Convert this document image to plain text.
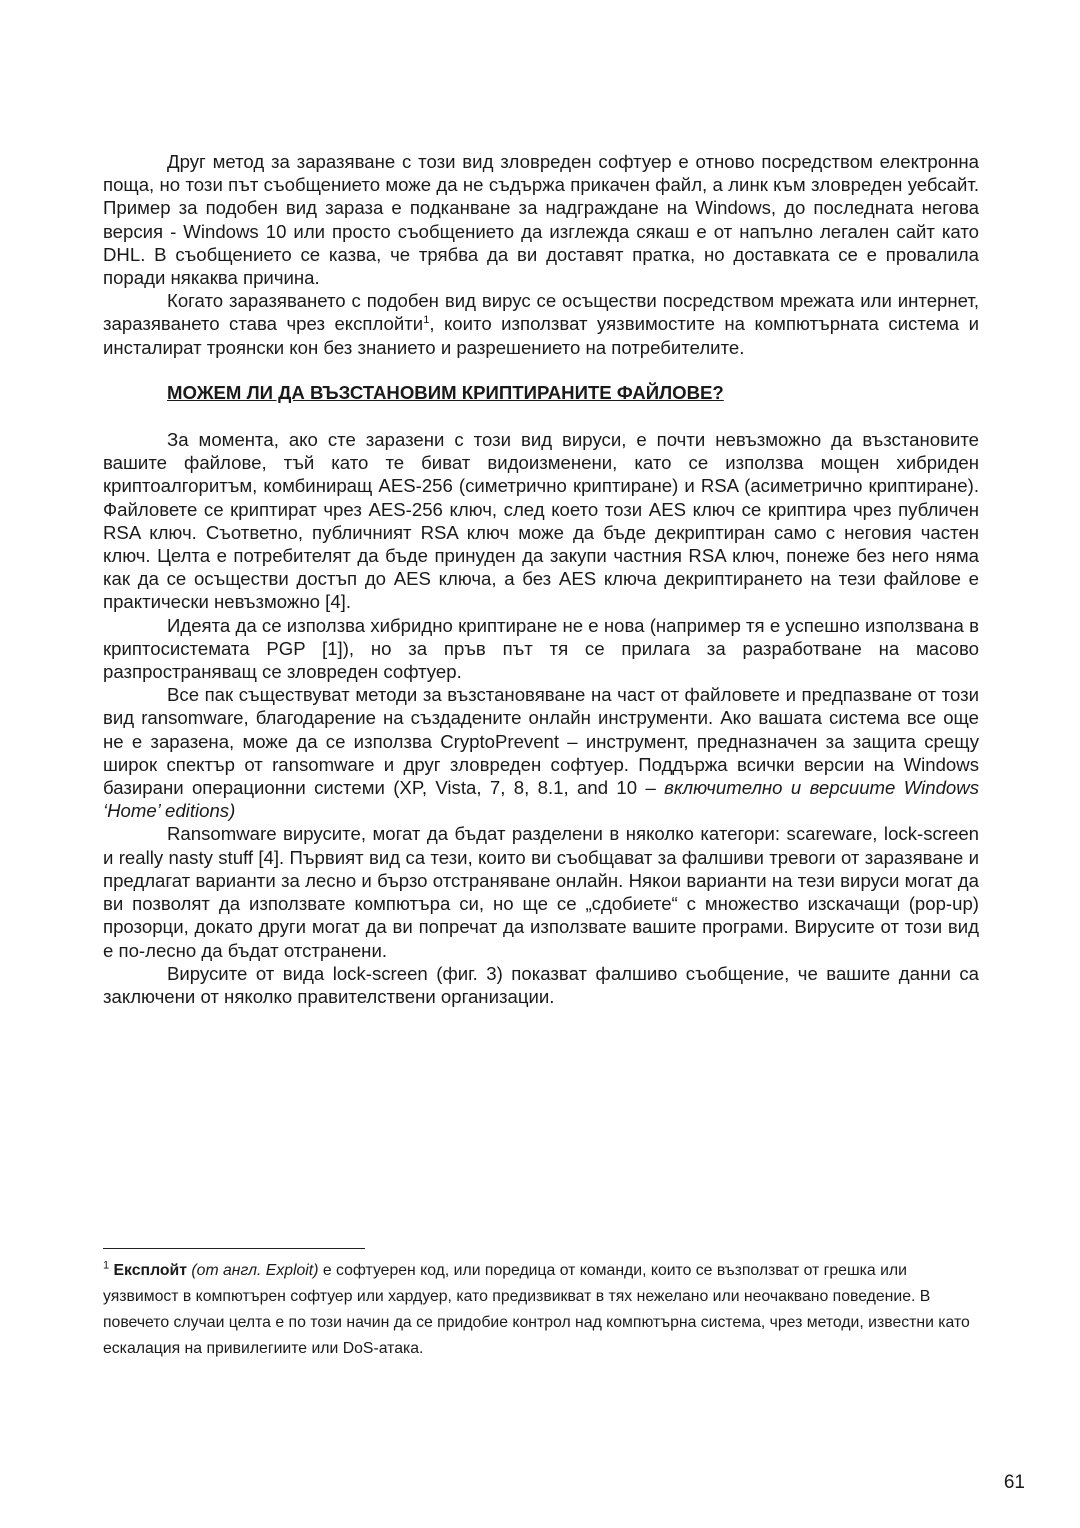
Друг метод за заразяване с този вид зловреден софтуер е отново посредством електронна поща, но този път съобщението може да не съдържа прикачен файл, а линк към зловреден уебсайт. Пример за подобен вид зараза е подканване за надграждане на Windows, до последната негова версия - Windows 10 или просто съобщението да изглежда сякаш е от напълно легален сайт като DHL. В съобщението се казва, че трябва да ви доставят пратка, но доставката се е провалила поради някаква причина.

Когато заразяването с подобен вид вирус се осъществи посредством мрежата или интернет, заразяването става чрез експлойти$^1$, които използват уязвимостите на компютърната система и инсталират троянски кон без знанието и разрешението на потребителите.

МОЖЕМ ЛИ ДА ВЪЗСТАНОВИМ КРИПТИРАНИТЕ ФАЙЛОВЕ?

За момента, ако сте заразени с този вид вируси, е почти невъзможно да възстановите вашите файлове, тъй като те биват видоизменени, като се използва мощен хибриден криптоалгоритъм, комбиниращ AES-256 (симетрично криптиране) и RSA (асиметрично криптиране). Файловете се криптират чрез AES-256 ключ, след което този AES ключ се криптира чрез публичен RSA ключ. Съответно, публичният RSA ключ може да бъде декриптиран само с неговия частен ключ. Целта е потребителят да бъде принуден да закупи частния RSA ключ, понеже без него няма как да се осъществи достъп до AES ключа, а без AES ключа декриптирането на тези файлове е практически невъзможно [4].

Идеята да се използва хибридно криптиране не е нова (например тя е успешно използвана в криптосистемата PGP [1]), но за пръв път тя се прилага за разработване на масово разпространяващ се зловреден софтуер.

Все пак съществуват методи за възстановяване на част от файловете и предпазване от този вид ransomware, благодарение на създадените онлайн инструменти. Ако вашата система все още не е заразена, може да се използва CryptoPrevent – инструмент, предназначен за защита срещу широк спектър от ransomware и друг зловреден софтуер. Поддържа всички версии на Windows базирани операционни системи (XP, Vista, 7, 8, 8.1, and 10 – включително и версиите Windows ‘Home’ editions)

Ransomware вирусите, могат да бъдат разделени в няколко категори: scareware, lock-screen и really nasty stuff [4]. Първият вид са тези, които ви съобщават за фалшиви тревоги от заразяване и предлагат варианти за лесно и бързо отстраняване онлайн. Някои варианти на тези вируси могат да ви позволят да използвате компютъра си, но ще се „сдобиете“ с множество изскачащи (pop-up) прозорци, докато други могат да ви попречат да използвате вашите програми. Вирусите от този вид е по-лесно да бъдат отстранени.

Вирусите от вида lock-screen (фиг. 3) показват фалшиво съобщение, че вашите данни са заключени от няколко правителствени организации.

$^1$ Експлойт (от англ. Exploit) е софтуерен код, или поредица от команди, които се възползват от грешка или уязвимост в компютърен софтуер или хардуер, като предизвикват в тях нежелано или неочаквано поведение. В повечето случаи целта е по този начин да се придобие контрол над компютърна система, чрез методи, известни като ескалация на привилегиите или DoS-атака.
61
